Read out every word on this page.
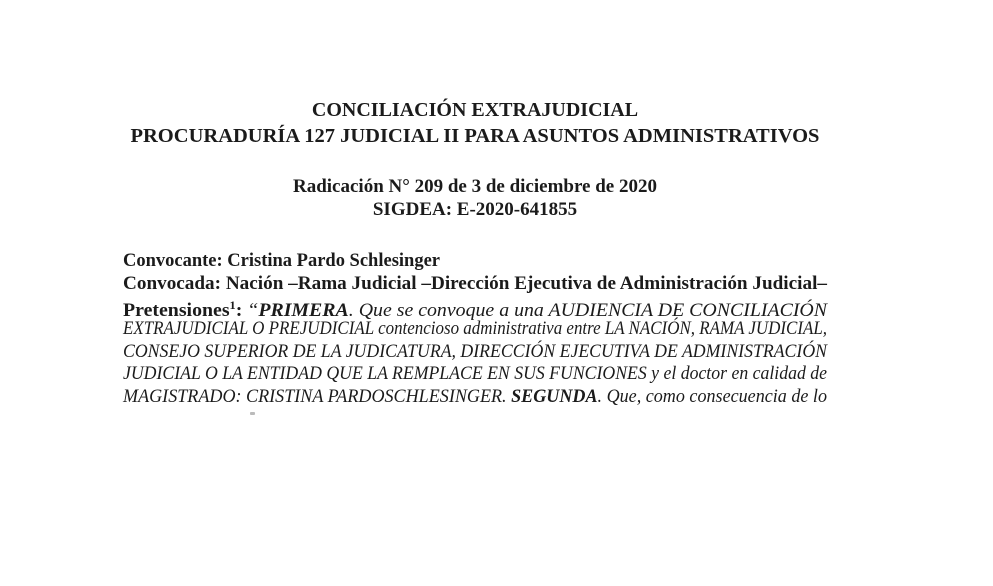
CONCILIACIÓN EXTRAJUDICIAL
PROCURADURÍA 127 JUDICIAL II PARA ASUNTOS ADMINISTRATIVOS
Radicación N° 209 de 3 de diciembre de 2020
SIGDEA: E-2020-641855
Convocante: Cristina Pardo Schlesinger
Convocada: Nación –Rama Judicial –Dirección Ejecutiva de Administración Judicial–
Pretensiones$^1$: “PRIMERA. Que se convoque a una AUDIENCIA DE CONCILIACIÓN
EXTRAJUDICIAL O PREJUDICIAL contencioso administrativa entre LA NACIÓN, RAMA JUDICIAL,
CONSEJO SUPERIOR DE LA JUDICATURA, DIRECCIÓN EJECUTIVA DE ADMINISTRACIÓN
JUDICIAL O LA ENTIDAD QUE LA REMPLACE EN SUS FUNCIONES y el doctor en calidad de
MAGISTRADO: CRISTINA PARDOSCHLESINGER. SEGUNDA. Que, como consecuencia de lo
